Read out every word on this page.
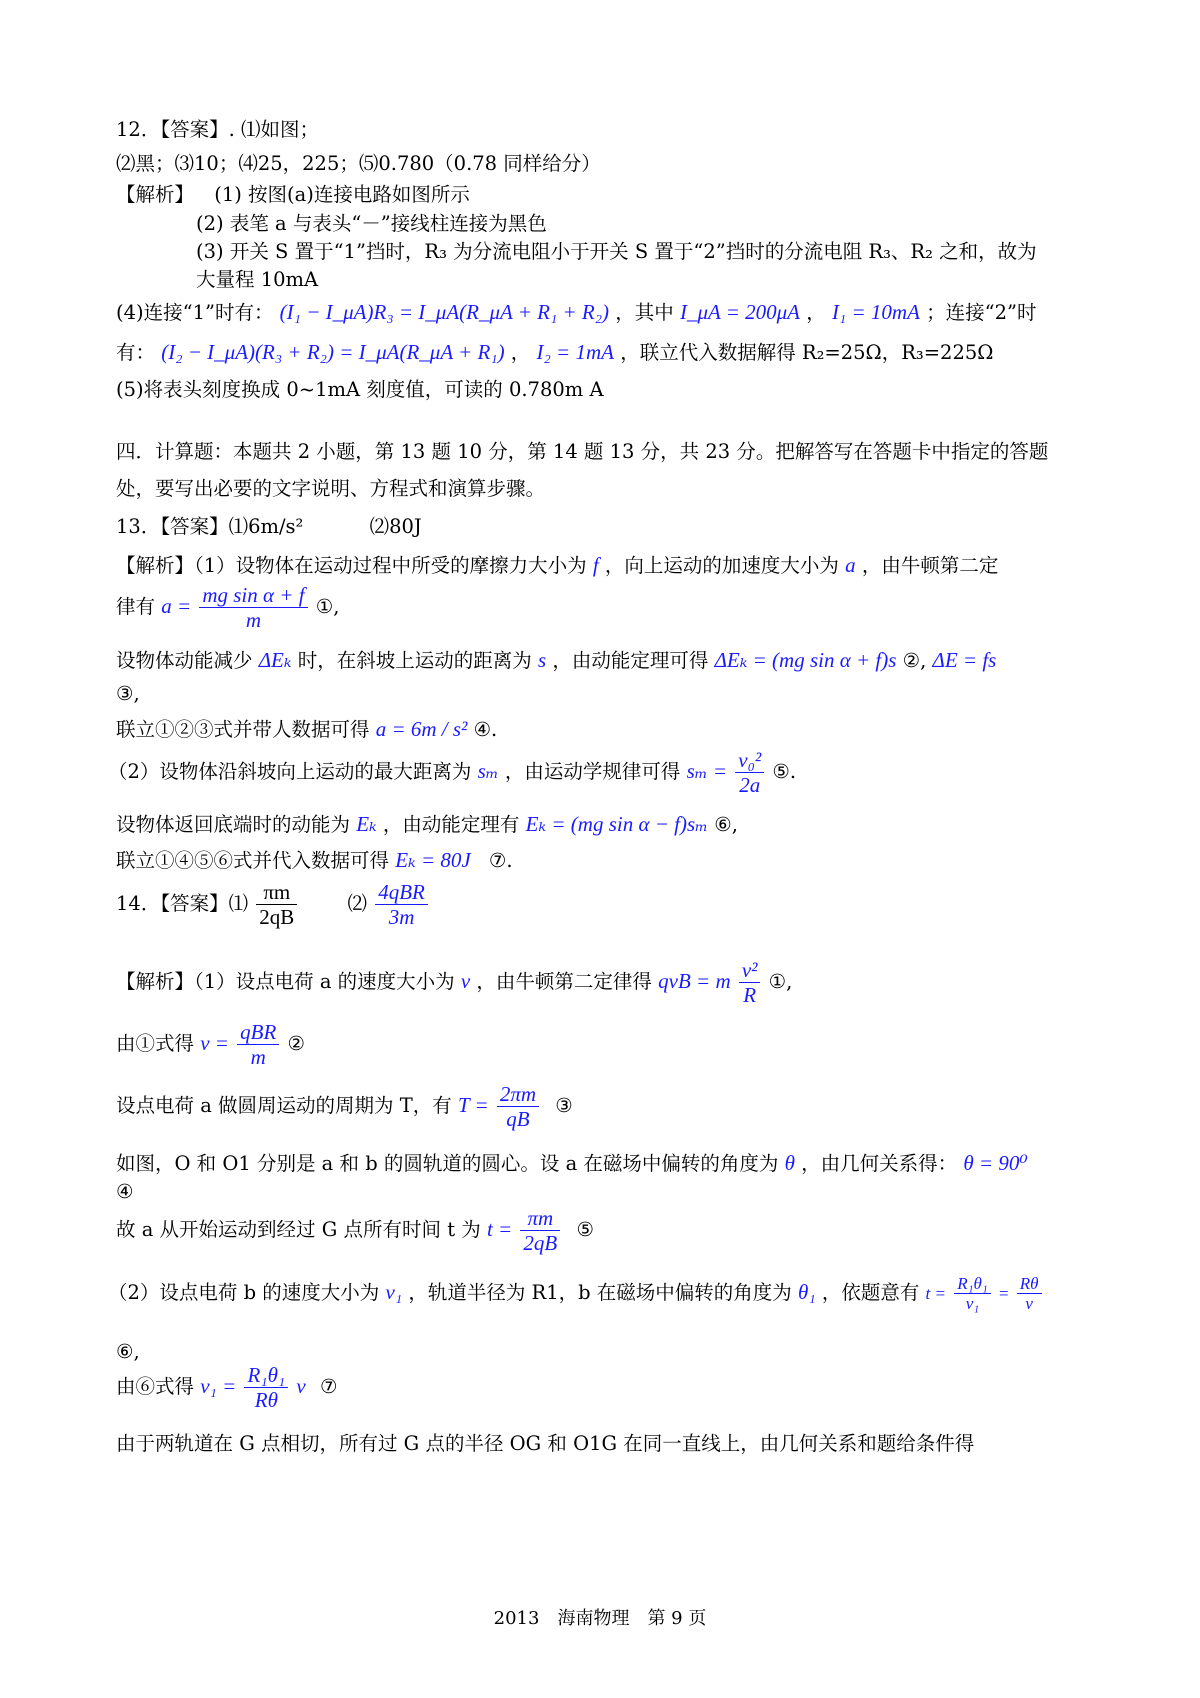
12．【答案】. ⑴如图；
⑵黑；⑶10；⑷25，225；⑸0.780（0.78 同样给分）
【解析】 (1) 按图(a)连接电路如图所示
(2) 表笔 a 与表头“－”接线柱连接为黑色
(3) 开关 S 置于“1”挡时，R₃ 为分流电阻小于开关 S 置于“2”挡时的分流电阻 R₃、R₂ 之和，故为
大量程 10mA
(4)连接“1”时有： (I₁ − I_μA)R₃ = I_μA(R_μA + R₁ + R₂) ，其中 I_μA = 200μA ， I₁ = 10mA ；连接“2”时
有： (I₂ − I_μA)(R₃ + R₂) = I_μA(R_μA + R₁) ， I₂ = 1mA ，联立代入数据解得 R₂=25Ω，R₃=225Ω
(5)将表头刻度换成 0~1mA 刻度值，可读的 0.780m A
四．计算题：本题共 2 小题，第 13 题 10 分，第 14 题 13 分，共 23 分。把解答写在答题卡中指定的答题
处，要写出必要的文字说明、方程式和演算步骤。
13．【答案】⑴6m/s²	⑵80J
【解析】（1）设物体在运动过程中所受的摩擦力大小为 f ，向上运动的加速度大小为 a ，由牛顿第二定
律有 $a = \frac{\text{mg sin α + f}}{m}$ ①,
设物体动能减少 ΔEₖ 时，在斜坡上运动的距离为 s ，由动能定理可得 ΔEₖ = (mg sin α + f)s ②, ΔE = fs
③,
联立①②③式并带人数据可得 a = 6m / s² ④.
（2）设物体沿斜坡向上运动的最大距离为 sₘ ，由运动学规律可得 $s_m = \frac{\text{v₀²}}{2a}$ ⑤.
设物体返回底端时的动能为 Eₖ ，由动能定理有 Eₖ = (mg sin α − f)sₘ ⑥,
联立①④⑤⑥式并代入数据可得 Eₖ = 80J ⑦.
14．【答案】⑴ $\frac{\pi m}{2qB}$	⑵ $\frac{\text{4qBR}}{3m}$
【解析】（1）设点电荷 a 的速度大小为 v ，由牛顿第二定律得 qvB = m $\frac{\text{v²}}{R}$ ①,
由①式得 $v = \frac{\text{qBR}}{m}$ ②
设点电荷 a 做圆周运动的周期为 T，有 $T = \frac{2\pi m}{qB}$ ③
如图，O 和 O1 分别是 a 和 b 的圆轨道的圆心。设 a 在磁场中偏转的角度为 θ ，由几何关系得： θ = 90⁰
④
故 a 从开始运动到经过 G 点所有时间 t 为 $t = \frac{\pi m}{2qB}$ ⑤
（2）设点电荷 b 的速度大小为 v₁ ，轨道半径为 R1，b 在磁场中偏转的角度为 θ₁ ，依题意有 $t = \frac{\text{R₁θ₁}}{\text{v₁}} = \frac{R\theta}{v}$
⑥,
由⑥式得 $v_1 = \frac{\text{R₁θ₁}}{R\theta}$ v ⑦
由于两轨道在 G 点相切，所有过 G 点的半径 OG 和 O1G 在同一直线上，由几何关系和题给条件得
2013　海南物理　第 9 页
